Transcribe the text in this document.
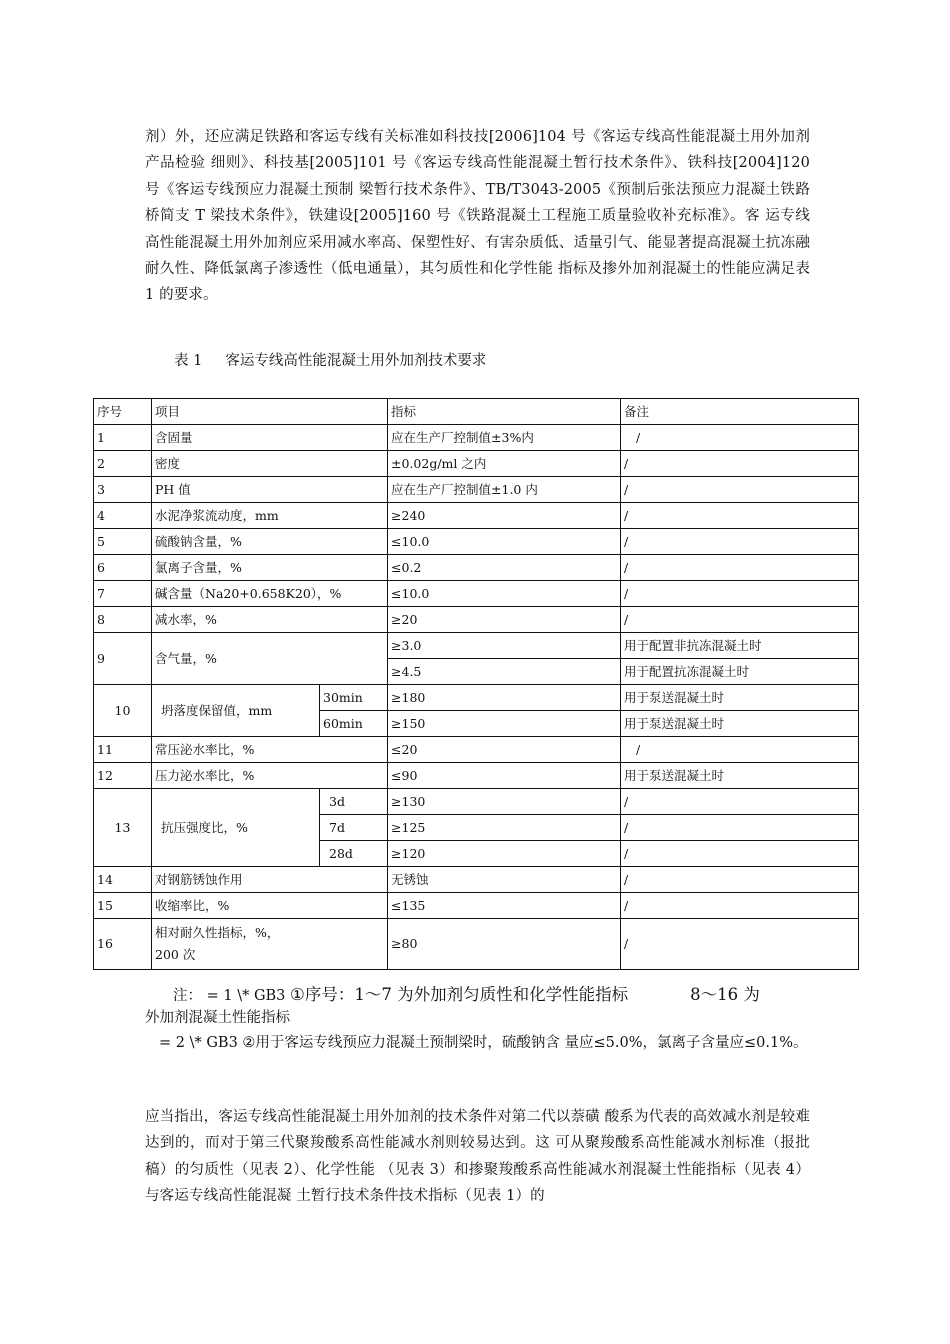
剂）外，还应满足铁路和客运专线有关标准如科技技[2006]104 号《客运专线高性能混凝土用外加剂产品检验 细则》、科技基[2005]101 号《客运专线高性能混凝土暂行技术条件》、铁科技[2004]120 号《客运专线预应力混凝土预制 梁暂行技术条件》、TB/T3043-2005《预制后张法预应力混凝土铁路桥简支 T 梁技术条件》，铁建设[2005]160 号《铁路混凝土工程施工质量验收补充标准》。客 运专线 高性能混凝土用外加剂应采用减水率高、保塑性好、有害杂质低、适量引气、能显著提高混凝土抗冻融耐久性、降低氯离子渗透性（低电通量），其匀质性和化学性能 指标及掺外加剂混凝土的性能应满足表 1 的要求。

表 1     客运专线高性能混凝土用外加剂技术要求
序号	项目		指标	备注
1	含固量		应在生产厂控制值±3%内	/
2	密度		±0.02g/ml 之内	/
3	PH 值		应在生产厂控制值±1.0 内	/
4	水泥净浆流动度，mm		≥240	/
5	硫酸钠含量，%		≤10.0	/
6	氯离子含量，%		≤0.2	/
7	碱含量（Na20+0.658K20），%		≤10.0	/
8	减水率，%		≥20	/
9	含气量，%		≥3.0	用于配置非抗冻混凝土时
			≥4.5	用于配置抗冻混凝土时
10	坍落度保留值，mm	30min	≥180	用于泵送混凝土时
		60min	≥150	用于泵送混凝土时
11	常压泌水率比，%		≤20	/
12	压力泌水率比，%		≤90	用于泵送混凝土时
13	抗压强度比，%	3d	≥130	/
		7d	≥125	/
		28d	≥120	/
14	对钢筋锈蚀作用		无锈蚀	/
15	收缩率比，%		≤135	/
16	相对耐久性指标，%，
200 次		≥80	/
注： = 1 \* GB3 ①序号：1～7 为外加剂匀质性和化学性能指标	8～16 为
外加剂混凝土性能指标

= 2 \* GB3 ②用于客运专线预应力混凝土预制梁时，硫酸钠含 量应≤5.0%，氯离子含量应≤0.1%。

应当指出，客运专线高性能混凝土用外加剂的技术条件对第二代以萘磺 酸系为代表的高效减水剂是较难达到的，而对于第三代聚羧酸系高性能减水剂则较易达到。这 可从聚羧酸系高性能减水剂标准（报批稿）的匀质性（见表 2）、化学性能 （见表 3）和掺聚羧酸系高性能减水剂混凝土性能指标（见表 4）与客运专线高性能混凝 土暂行技术条件技术指标（见表 1）的
